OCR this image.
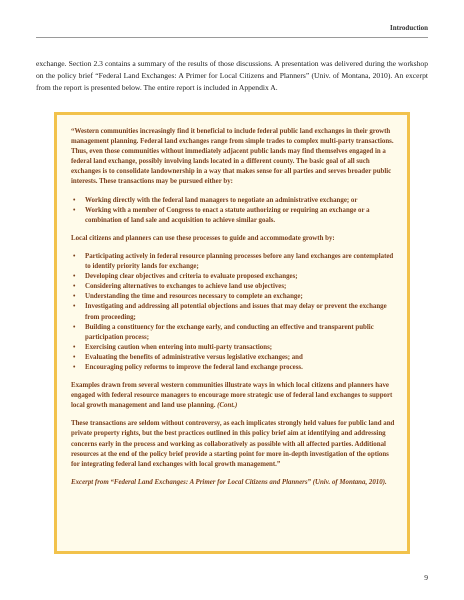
Introduction
exchange. Section 2.3 contains a summary of the results of those discussions. A presentation was delivered during the workshop on the policy brief “Federal Land Exchanges: A Primer for Local Citizens and Planners” (Univ. of Montana, 2010). An excerpt from the report is presented below. The entire report is included in Appendix A.

“Western communities increasingly find it beneficial to include federal public land exchanges in their growth management planning. Federal land exchanges range from simple trades to complex multi‐party transactions. Thus, even those communities without immediately adjacent public lands may find themselves engaged in a federal land exchange, possibly involving lands located in a different county. The basic goal of all such exchanges is to consolidate landownership in a way that makes sense for all parties and serves broader public interests. These transactions may be pursued either by:

• Working directly with the federal land managers to negotiate an administrative exchange; or
• Working with a member of Congress to enact a statute authorizing or requiring an exchange or a combination of land sale and acquisition to achieve similar goals.

Local citizens and planners can use these processes to guide and accommodate growth by:

• Participating actively in federal resource planning processes before any land exchanges are contemplated to identify priority lands for exchange;
• Developing clear objectives and criteria to evaluate proposed exchanges;
• Considering alternatives to exchanges to achieve land use objectives;
• Understanding the time and resources necessary to complete an exchange;
• Investigating and addressing all potential objections and issues that may delay or prevent the exchange from proceeding;
• Building a constituency for the exchange early, and conducting an effective and transparent public participation process;
• Exercising caution when entering into multi‐party transactions;
• Evaluating the benefits of administrative versus legislative exchanges; and
• Encouraging policy reforms to improve the federal land exchange process.

Examples drawn from several western communities illustrate ways in which local citizens and planners have engaged with federal resource managers to encourage more strategic use of federal land exchanges to support local growth management and land use planning. (Cont.)

These transactions are seldom without controversy, as each implicates strongly held values for public land and private property rights, but the best practices outlined in this policy brief aim at identifying and addressing concerns early in the process and working as collaboratively as possible with all affected parties. Additional resources at the end of the policy brief provide a starting point for more in‐depth investigation of the options for integrating federal land exchanges with local growth management.”

Excerpt from “Federal Land Exchanges: A Primer for Local Citizens and Planners” (Univ. of Montana, 2010).

9
